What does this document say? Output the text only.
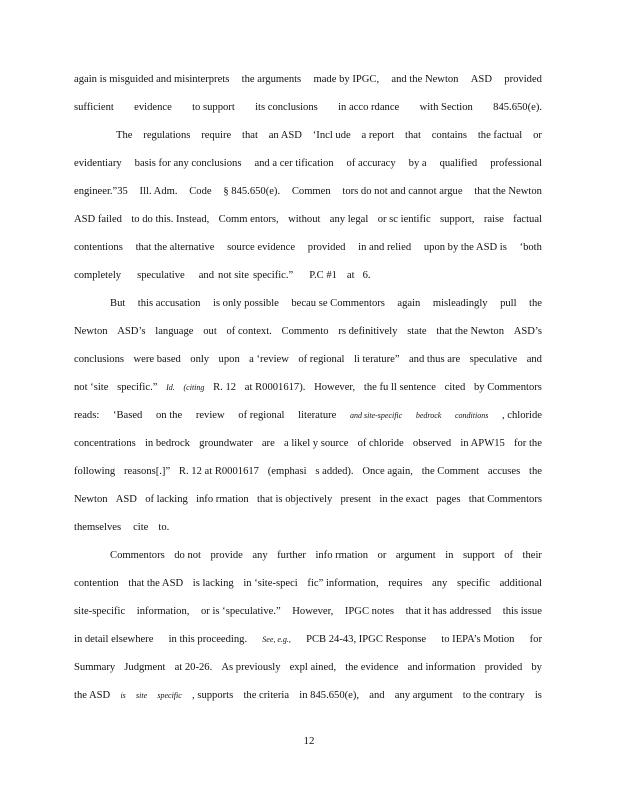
again is misguided and misinterprets the arguments made by IPGC, and the Newton ASD provided
sufficient evidence to support its conclusions in acco rdance with Section 845.650(e).
The regulations require that an ASD ‘Incl ude a report that contains the factual or
evidentiary basis for any conclusions and a cer tification of accuracy by a qualified professional
engineer.”35 Ill. Adm. Code § 845.650(e). Commen tors do not and cannot argue that the Newton
ASD failed to do this. Instead, Comm entors, without any legal or sc ientific support, raise factual
contentions that the alternative source evidence provided in and relied upon by the ASD is ‘both
completely speculative and not site specific.” P.C #1 at 6.
But this accusation is only possible becau se Commentors again misleadingly pull the
Newton ASD’s language out of context. Commento rs definitively state that the Newton ASD’s
conclusions were based only upon a ‘review of regional li terature” and thus are speculative and
not ‘site specific.” Id. (citing R. 12 at R0001617). However, the fu ll sentence cited by Commentors
reads: ‘Based on the review of regional literature and site-specific bedrock conditions , chloride
concentrations in bedrock groundwater are a likel y source of chloride observed in APW15 for the
following reasons[.]” R. 12 at R0001617 (emphasi s added). Once again, the Comment accuses the
Newton ASD of lacking info rmation that is objectively present in the exact pages that Commentors
themselves cite to.
Commentors do not provide any further info rmation or argument in support of their
contention that the ASD is lacking in ‘site-speci fic” information, requires any specific additional
site-specific information, or is ‘speculative.” However, IPGC notes that it has addressed this issue
in detail elsewhere in this proceeding. See, e.g., PCB 24-43, IPGC Response to IEPA’s Motion for
Summary Judgment at 20-26. As previously expl ained, the evidence and information provided by
the ASD is site specific , supports the criteria in 845.650(e), and any argument to the contrary is
12
